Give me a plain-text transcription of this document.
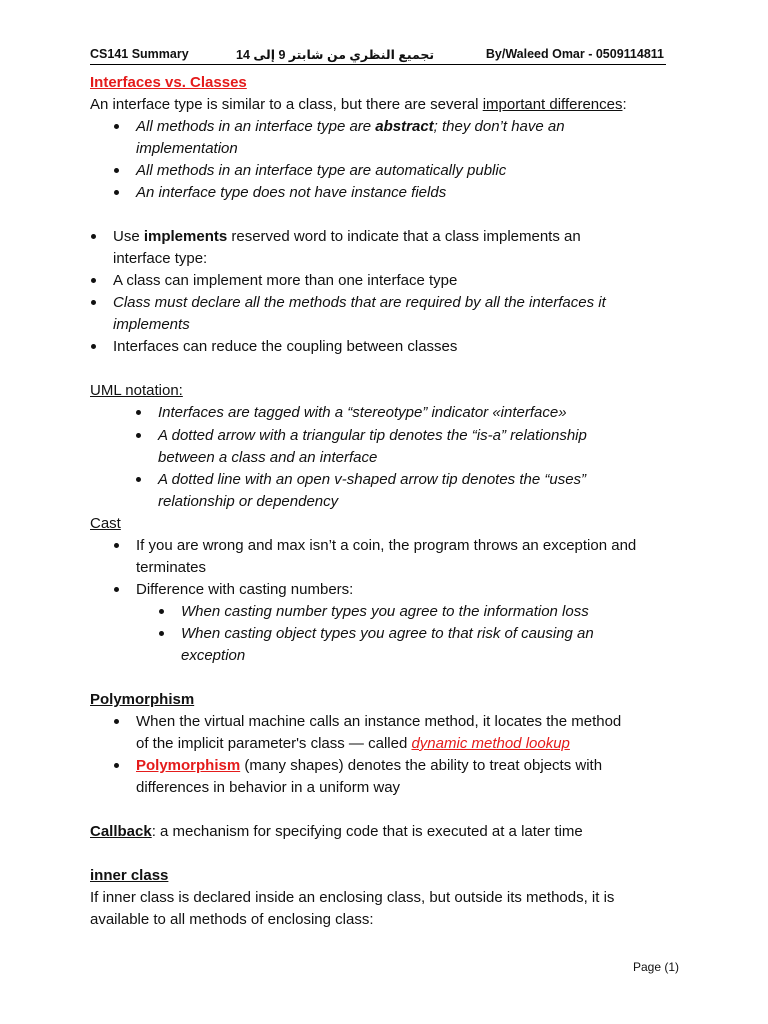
CS141 Summary	تجميع النظري من شابتر 9 إلى 14	By/Waleed Omar - 0509114811
Interfaces vs. Classes
An interface type is similar to a class, but there are several important differences:
All methods in an interface type are abstract; they don’t have an
implementation
All methods in an interface type are automatically public
An interface type does not have instance fields
Use implements reserved word to indicate that a class implements an
interface type:
A class can implement more than one interface type
Class must declare all the methods that are required by all the interfaces it
implements
Interfaces can reduce the coupling between classes
UML notation:
Interfaces are tagged with a “stereotype” indicator «interface»
A dotted arrow with a triangular tip denotes the “is-a” relationship
between a class and an interface
A dotted line with an open v-shaped arrow tip denotes the “uses”
relationship or dependency
Cast
If you are wrong and max isn’t a coin, the program throws an exception and
terminates
Difference with casting numbers:
When casting number types you agree to the information loss
When casting object types you agree to that risk of causing an
exception
Polymorphism
When the virtual machine calls an instance method, it locates the method
of the implicit parameter's class — called dynamic method lookup
Polymorphism (many shapes) denotes the ability to treat objects with
differences in behavior in a uniform way
Callback: a mechanism for specifying code that is executed at a later time
inner class
If inner class is declared inside an enclosing class, but outside its methods, it is
available to all methods of enclosing class:
Page (1)
